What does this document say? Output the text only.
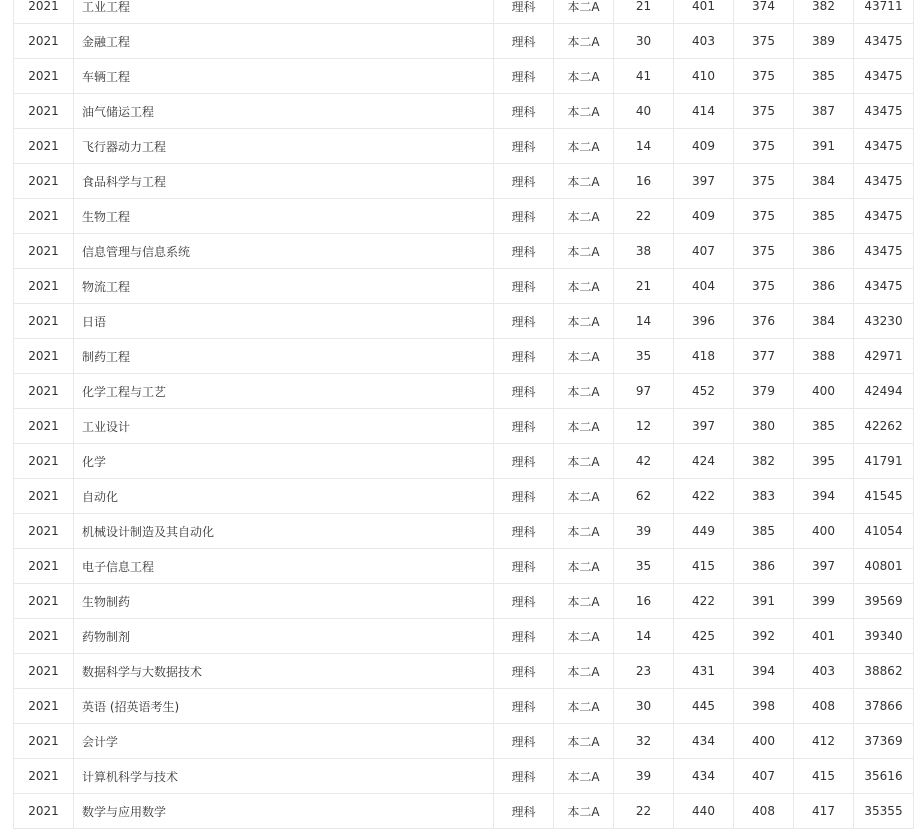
2021	工业工程	理科	本二A	21	401	374	382	43711
2021	金融工程	理科	本二A	30	403	375	389	43475
2021	车辆工程	理科	本二A	41	410	375	385	43475
2021	油气储运工程	理科	本二A	40	414	375	387	43475
2021	飞行器动力工程	理科	本二A	14	409	375	391	43475
2021	食品科学与工程	理科	本二A	16	397	375	384	43475
2021	生物工程	理科	本二A	22	409	375	385	43475
2021	信息管理与信息系统	理科	本二A	38	407	375	386	43475
2021	物流工程	理科	本二A	21	404	375	386	43475
2021	日语	理科	本二A	14	396	376	384	43230
2021	制药工程	理科	本二A	35	418	377	388	42971
2021	化学工程与工艺	理科	本二A	97	452	379	400	42494
2021	工业设计	理科	本二A	12	397	380	385	42262
2021	化学	理科	本二A	42	424	382	395	41791
2021	自动化	理科	本二A	62	422	383	394	41545
2021	机械设计制造及其自动化	理科	本二A	39	449	385	400	41054
2021	电子信息工程	理科	本二A	35	415	386	397	40801
2021	生物制药	理科	本二A	16	422	391	399	39569
2021	药物制剂	理科	本二A	14	425	392	401	39340
2021	数据科学与大数据技术	理科	本二A	23	431	394	403	38862
2021	英语 (招英语考生)	理科	本二A	30	445	398	408	37866
2021	会计学	理科	本二A	32	434	400	412	37369
2021	计算机科学与技术	理科	本二A	39	434	407	415	35616
2021	数学与应用数学	理科	本二A	22	440	408	417	35355
